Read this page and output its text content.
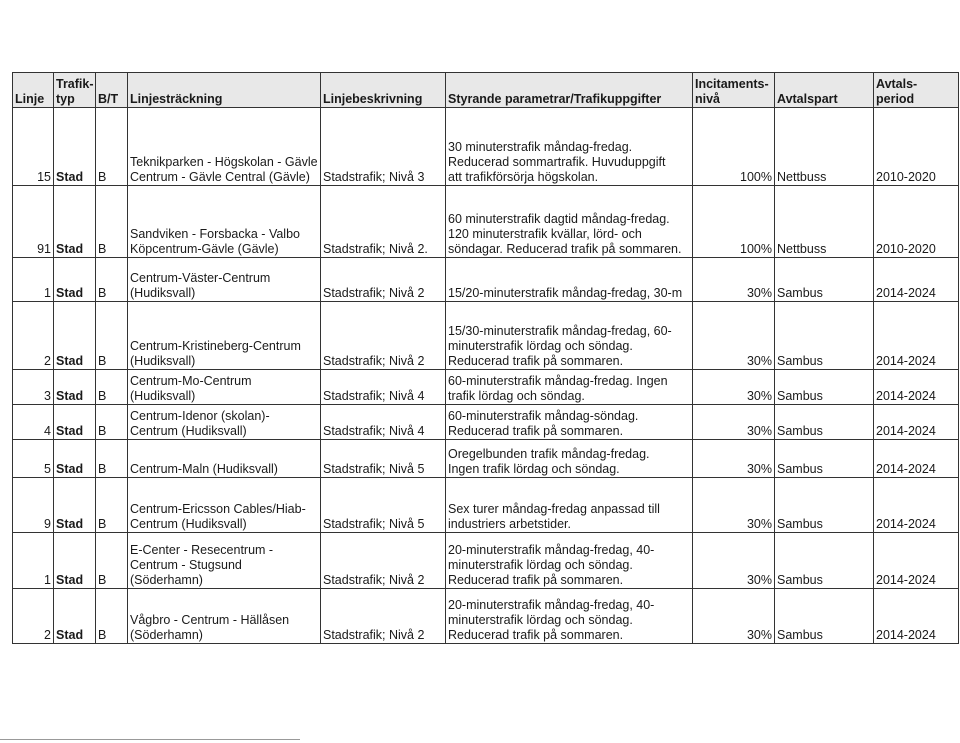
Linje	Trafik-
typ	B/T	Linjesträckning	Linjebeskrivning	Styrande parametrar/Trafikuppgifter	Incitaments-
nivå	Avtalspart	Avtals-
period
15	Stad	B	Teknikparken - Högskolan - Gävle
Centrum - Gävle Central (Gävle)	Stadstrafik; Nivå 3	30 minuterstrafik måndag-fredag.
Reducerad sommartrafik. Huvuduppgift
att trafikförsörja högskolan.	100%	Nettbuss	2010-2020
91	Stad	B	Sandviken - Forsbacka - Valbo
Köpcentrum-Gävle (Gävle)	Stadstrafik; Nivå 2.	60 minuterstrafik dagtid måndag-fredag.
120 minuterstrafik kvällar, lörd- och
söndagar. Reducerad trafik på sommaren.	100%	Nettbuss	2010-2020
1	Stad	B	Centrum-Väster-Centrum
(Hudiksvall)	Stadstrafik; Nivå 2	15/20-minuterstrafik måndag-fredag, 30-m	30%	Sambus	2014-2024
2	Stad	B	Centrum-Kristineberg-Centrum
(Hudiksvall)	Stadstrafik; Nivå 2	15/30-minuterstrafik måndag-fredag, 60-
minuterstrafik lördag och söndag.
Reducerad trafik på sommaren.	30%	Sambus	2014-2024
3	Stad	B	Centrum-Mo-Centrum
(Hudiksvall)	Stadstrafik; Nivå 4	60-minuterstrafik måndag-fredag. Ingen
trafik lördag och söndag.	30%	Sambus	2014-2024
4	Stad	B	Centrum-Idenor (skolan)-
Centrum (Hudiksvall)	Stadstrafik; Nivå 4	60-minuterstrafik måndag-söndag.
Reducerad trafik på sommaren.	30%	Sambus	2014-2024
5	Stad	B	Centrum-Maln (Hudiksvall)	Stadstrafik; Nivå 5	Oregelbunden trafik måndag-fredag.
Ingen trafik lördag och söndag.	30%	Sambus	2014-2024
9	Stad	B	Centrum-Ericsson Cables/Hiab-
Centrum (Hudiksvall)	Stadstrafik; Nivå 5	Sex turer måndag-fredag anpassad till
industriers arbetstider.	30%	Sambus	2014-2024
1	Stad	B	E-Center - Resecentrum -
Centrum - Stugsund (Söderhamn)	Stadstrafik; Nivå 2	20-minuterstrafik måndag-fredag, 40-
minuterstrafik lördag och söndag.
Reducerad trafik på sommaren.	30%	Sambus	2014-2024
2	Stad	B	Vågbro - Centrum - Hällåsen
(Söderhamn)	Stadstrafik; Nivå 2	20-minuterstrafik måndag-fredag, 40-
minuterstrafik lördag och söndag.
Reducerad trafik på sommaren.	30%	Sambus	2014-2024
